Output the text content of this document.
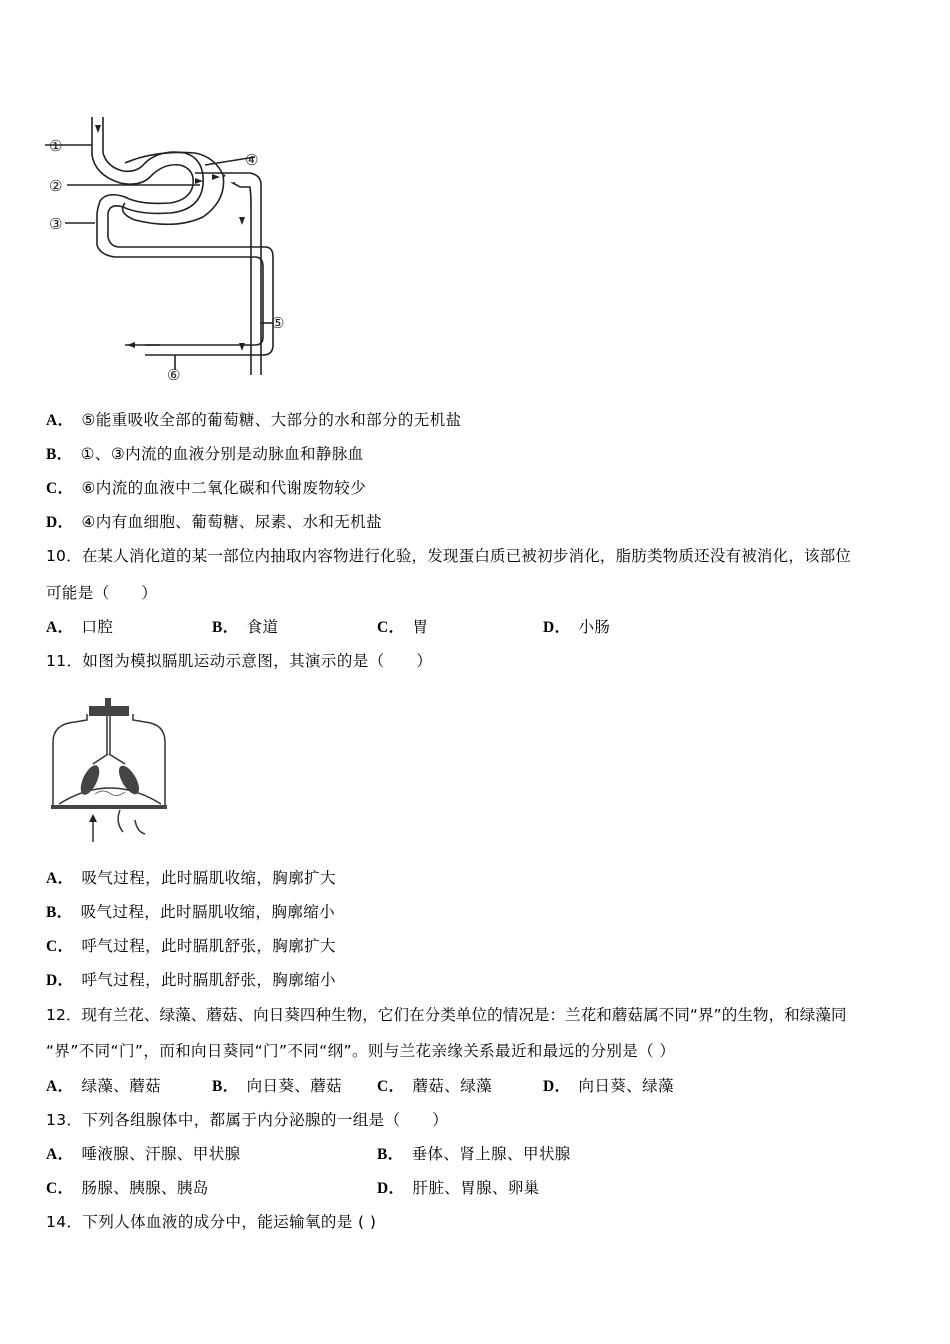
①
②
③
④
⑤
⑥
A． ⑤能重吸收全部的葡萄糖、大部分的水和部分的无机盐
B． ①、③内流的血液分别是动脉血和静脉血
C． ⑥内流的血液中二氧化碳和代谢废物较少
D． ④内有血细胞、葡萄糖、尿素、水和无机盐
10．在某人消化道的某一部位内抽取内容物进行化验，发现蛋白质已被初步消化，脂肪类物质还没有被消化，该部位
可能是（　　）
A． 口腔	B． 食道	C． 胃	D． 小肠
11．如图为模拟膈肌运动示意图，其演示的是（　　）
A． 吸气过程，此时膈肌收缩，胸廓扩大
B． 吸气过程，此时膈肌收缩，胸廓缩小
C． 呼气过程，此时膈肌舒张，胸廓扩大
D． 呼气过程，此时膈肌舒张，胸廓缩小
12．现有兰花、绿藻、蘑菇、向日葵四种生物，它们在分类单位的情况是：兰花和蘑菇属不同“界”的生物，和绿藻同
“界”不同“门”，而和向日葵同“门”不同“纲”。则与兰花亲缘关系最近和最远的分别是（ ）
A． 绿藻、蘑菇	B． 向日葵、蘑菇 C． 蘑菇、绿藻	D． 向日葵、绿藻
13．下列各组腺体中，都属于内分泌腺的一组是（　　）
A． 唾液腺、汗腺、甲状腺	B． 垂体、肾上腺、甲状腺
C． 肠腺、胰腺、胰岛	D． 肝脏、胃腺、卵巢
14．下列人体血液的成分中，能运输氧的是 ( )
